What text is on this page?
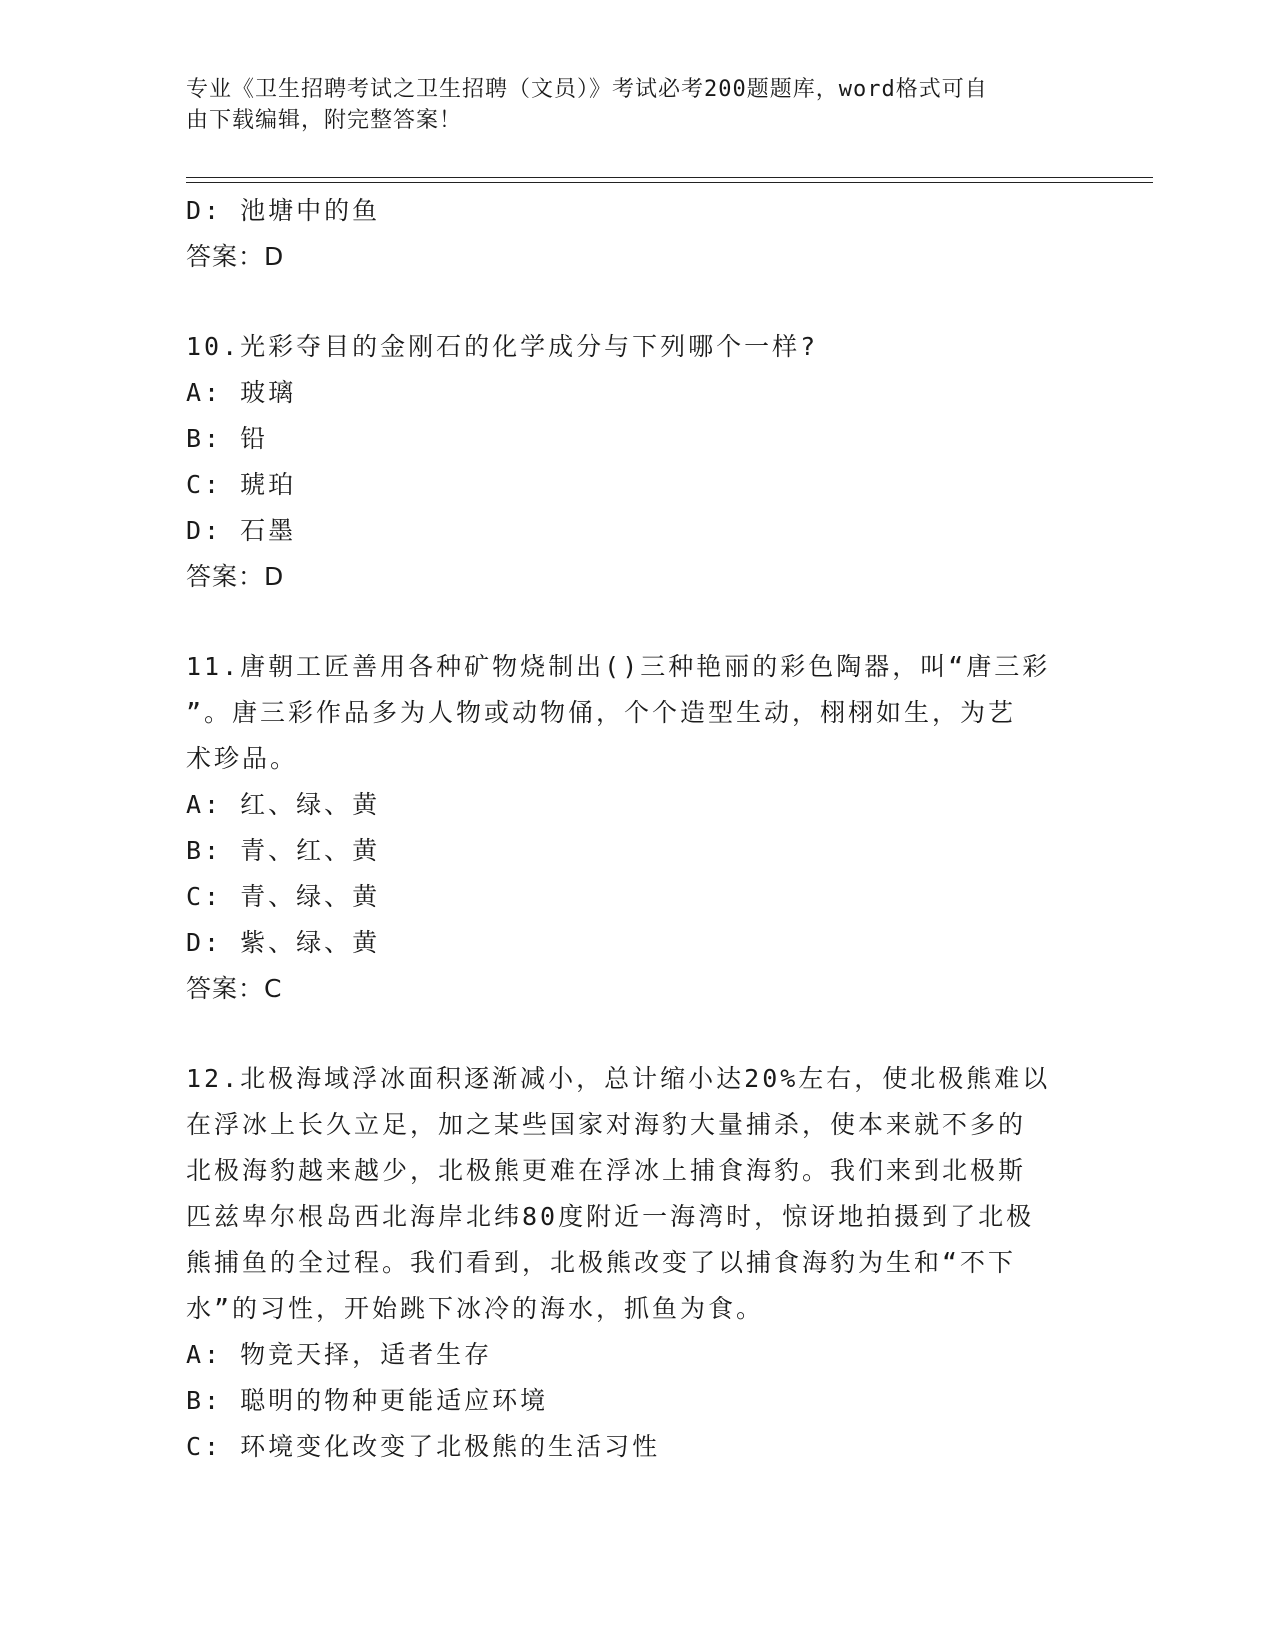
专业《卫生招聘考试之卫生招聘（文员）》考试必考200题题库，word格式可自
由下载编辑，附完整答案！
D: 池塘中的鱼
答案：D
10.光彩夺目的金刚石的化学成分与下列哪个一样?
A: 玻璃
B: 铅
C: 琥珀
D: 石墨
答案：D
11.唐朝工匠善用各种矿物烧制出()三种艳丽的彩色陶器，叫“唐三彩
”。唐三彩作品多为人物或动物俑，个个造型生动，栩栩如生，为艺
术珍品。
A: 红、绿、黄
B: 青、红、黄
C: 青、绿、黄
D: 紫、绿、黄
答案：C
12.北极海域浮冰面积逐渐减小，总计缩小达20%左右，使北极熊难以
在浮冰上长久立足，加之某些国家对海豹大量捕杀，使本来就不多的
北极海豹越来越少，北极熊更难在浮冰上捕食海豹。我们来到北极斯
匹兹卑尔根岛西北海岸北纬80度附近一海湾时，惊讶地拍摄到了北极
熊捕鱼的全过程。我们看到，北极熊改变了以捕食海豹为生和“不下
水”的习性，开始跳下冰冷的海水，抓鱼为食。
A: 物竞天择，适者生存
B: 聪明的物种更能适应环境
C: 环境变化改变了北极熊的生活习性
